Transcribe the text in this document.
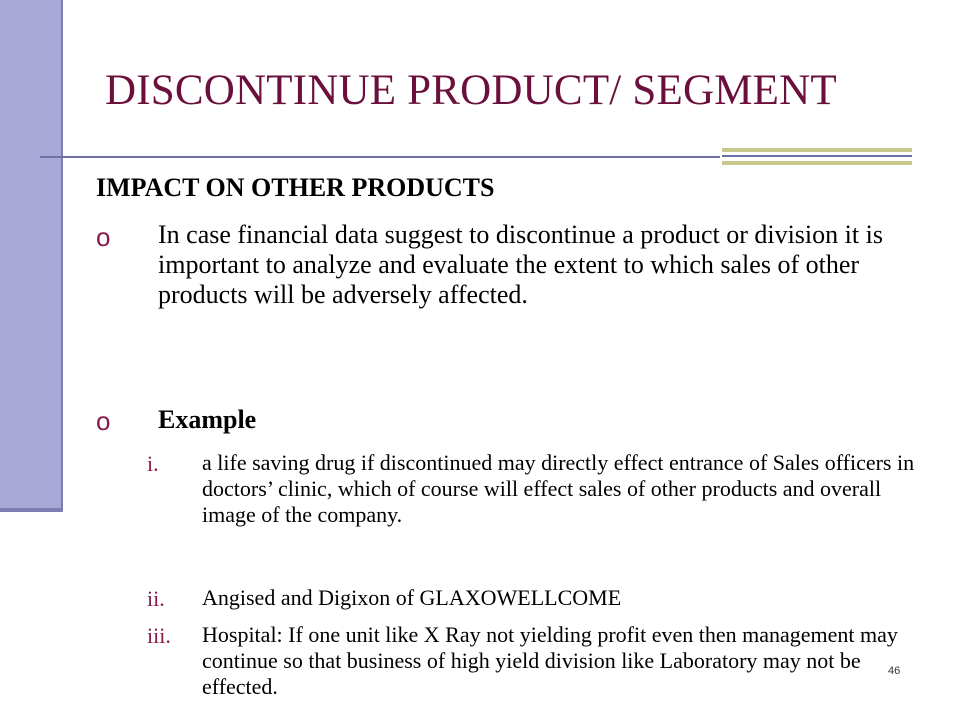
DISCONTINUE PRODUCT/ SEGMENT
IMPACT ON OTHER PRODUCTS
o In case financial data suggest to discontinue a product or division it is important to analyze and evaluate the extent to which sales of other products will be adversely affected.
o Example
i.	a life saving drug if discontinued may directly effect entrance of Sales officers in doctors’ clinic, which of course will effect sales of other products and overall image of the company.
ii.	Angised and Digixon of GLAXOWELLCOME
iii.	Hospital: If one unit like X Ray not yielding profit even then management may continue so that business of high yield division like Laboratory may not be effected.
46
